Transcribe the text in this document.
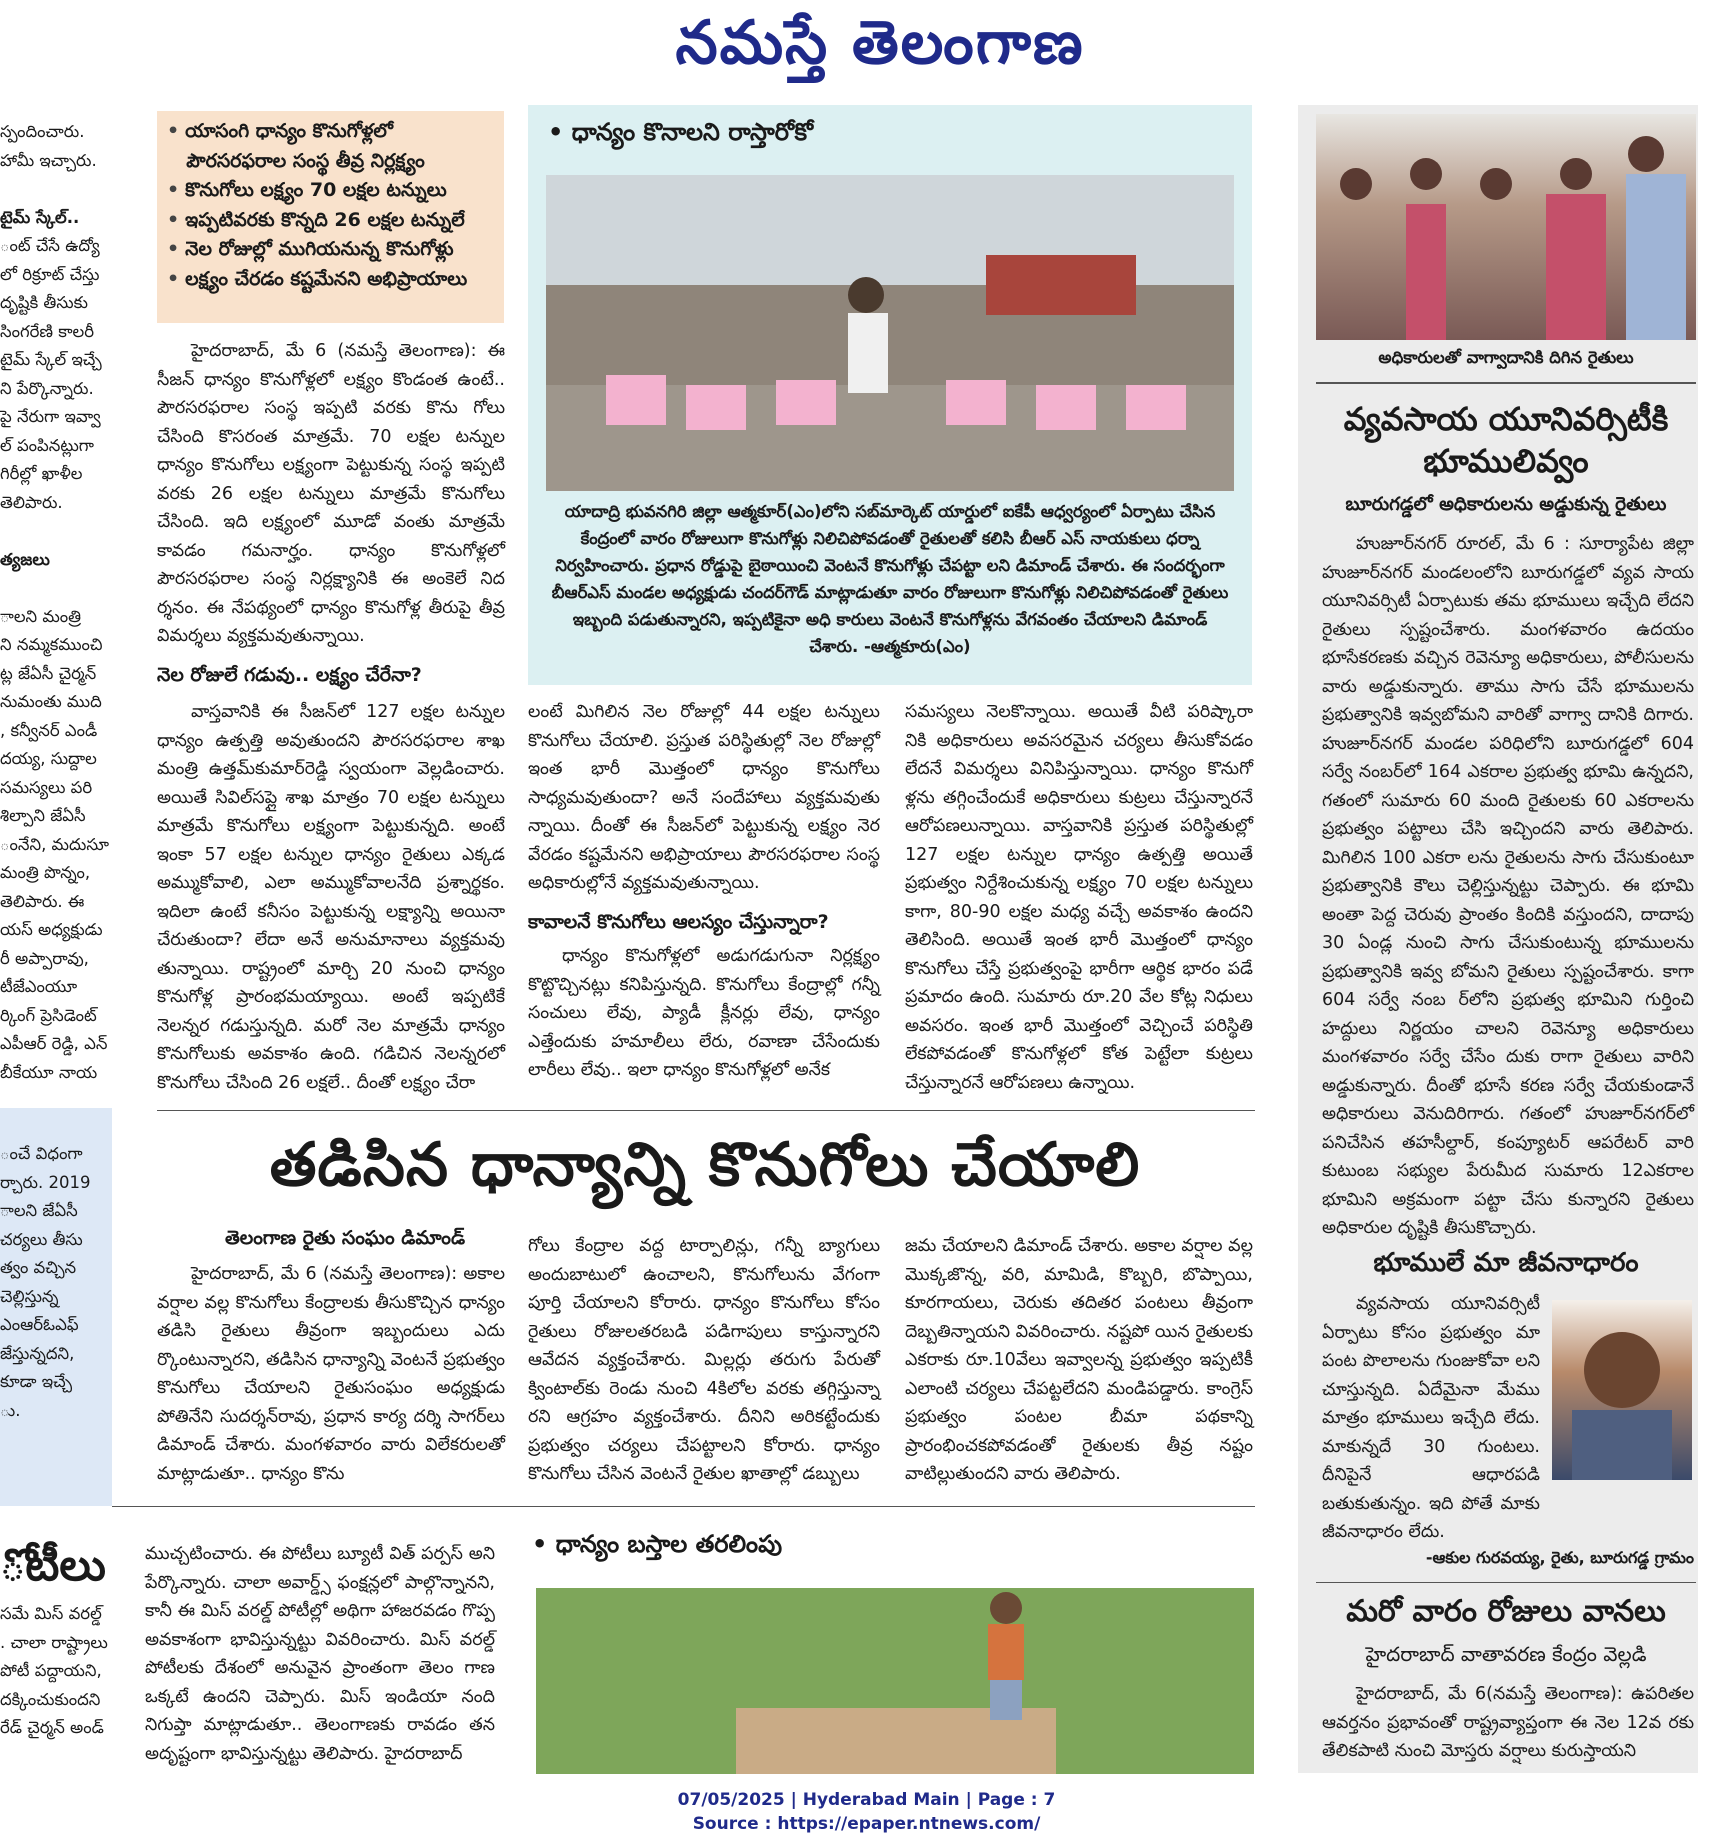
నమస్తే తెలంగాణ
స్పందించారు.
హామీ ఇచ్చారు.

టైమ్ స్కేల్..
ంట్ చేసే ఉద్యో
లో రిక్రూట్ చేస్తు
దృష్టికి తీసుకు
సింగరేణి కాలరీ
టైమ్ స్కేల్ ఇచ్చే
ని పేర్కొన్నారు.
పై నేరుగా ఇవ్వా
ల్ పంపినట్లుగా
గిరీల్లో ఖాళీల
తెలిపారు.

త్యజలు

ాలని మంత్రి
ని నమ్మకముంచి
ట్ల జేఏసీ చైర్మన్
నుమంతు ముది
, కన్వీనర్ ఎండీ
దయ్య, సుద్దాల
సమస్యలు పరి
శిల్పాని జేఏసీ
ంనేని, మదుసూ
మంత్రి పొన్నం,
తెలిపారు. ఈ
యస్ అధ్యక్షుడు
రీ అప్పారావు,
టీజేఎంయూ
ర్కింగ్ ప్రెసిడెంట్
ఎపీఆర్ రెడ్డి, ఎన్
బీకేయూ నాయ
ంచే విధంగా
ర్చారు. 2019
ాలని జేఏసీ
చర్యలు తీసు
త్వం వచ్చిన
చెల్లిస్తున్న
ఎంఆర్ఓఎఫ్
జేస్తున్నదని,
కూడా ఇచ్చే
ు.
ోటీలు
సమే మిస్ వరల్డ్
. చాలా రాష్ట్రాలు
పోటీ పద్దాయని,
దక్కించుకుందని
రేడ్ చైర్మన్ అండ్
• యాసంగి ధాన్యం కొనుగోళ్లలో
పౌరసరఫరాల సంస్థ తీవ్ర నిర్లక్ష్యం
• కొనుగోలు లక్ష్యం 70 లక్షల టన్నులు
• ఇప్పటివరకు కొన్నది 26 లక్షల టన్నులే
• నెల రోజుల్లో ముగియనున్న కొనుగోళ్లు
• లక్ష్యం చేరడం కష్టమేనని అభిప్రాయాలు

హైదరాబాద్, మే 6 (నమస్తే తెలంగాణ): ఈ సీజన్ ధాన్యం కొనుగోళ్లలో లక్ష్యం కొండంత ఉంటే.. పౌరసరఫరాల సంస్థ ఇప్పటి వరకు కొను గోలు చేసింది కొసరంత మాత్రమే. 70 లక్షల టన్నుల ధాన్యం కొనుగోలు లక్ష్యంగా పెట్టుకున్న సంస్థ ఇప్పటి వరకు 26 లక్షల టన్నులు మాత్రమే కొనుగోలు చేసింది. ఇది లక్ష్యంలో మూడో వంతు మాత్రమే కావడం గమనార్హం. ధాన్యం కొనుగోళ్లలో పౌరసరఫరాల సంస్థ నిర్లక్ష్యానికి ఈ అంకెలే నిద ర్శనం. ఈ నేపథ్యంలో ధాన్యం కొనుగోళ్ల తీరుపై తీవ్ర విమర్శలు వ్యక్తమవుతున్నాయి.

నెల రోజులే గడువు.. లక్ష్యం చేరేనా?

వాస్తవానికి ఈ సీజన్‌లో 127 లక్షల టన్నుల ధాన్యం ఉత్పత్తి అవుతుందని పౌరసరఫరాల శాఖ మంత్రి ఉత్తమ్‌కుమార్‌రెడ్డి స్వయంగా వెల్లడించారు. అయితే సివిల్‌సప్లై శాఖ మాత్రం 70 లక్షల టన్నులు మాత్రమే కొనుగోలు లక్ష్యంగా పెట్టుకున్నది. అంటే ఇంకా 57 లక్షల టన్నుల ధాన్యం రైతులు ఎక్కడ అమ్ముకోవాలి, ఎలా అమ్ముకోవాలనేది ప్రశ్నార్థకం. ఇదిలా ఉంటే కనీసం పెట్టుకున్న లక్ష్యాన్ని అయినా చేరుతుందా? లేదా అనే అనుమానాలు వ్యక్తమవు తున్నాయి. రాష్ట్రంలో మార్చి 20 నుంచి ధాన్యం కొనుగోళ్ల ప్రారంభమయ్యాయి. అంటే ఇప్పటికే నెలన్నర గడుస్తున్నది. మరో నెల మాత్రమే ధాన్యం కొనుగోలుకు అవకాశం ఉంది. గడిచిన నెలన్నరలో కొనుగోలు చేసింది 26 లక్షలే.. దీంతో లక్ష్యం చేరా

లంటే మిగిలిన నెల రోజుల్లో 44 లక్షల టన్నులు కొనుగోలు చేయాలి. ప్రస్తుత పరిస్థితుల్లో నెల రోజుల్లో ఇంత భారీ మొత్తంలో ధాన్యం కొనుగోలు సాధ్యమవుతుందా? అనే సందేహాలు వ్యక్తమవుతు న్నాయి. దీంతో ఈ సీజన్‌లో పెట్టుకున్న లక్ష్యం నెర వేరడం కష్టమేనని అభిప్రాయాలు పౌరసరఫరాల సంస్థ అధికారుల్లోనే వ్యక్తమవుతున్నాయి.

కావాలనే కొనుగోలు ఆలస్యం చేస్తున్నారా?

ధాన్యం కొనుగోళ్లలో అడుగడుగునా నిర్లక్ష్యం కొట్టొచ్చినట్లు కనిపిస్తున్నది. కొనుగోలు కేంద్రాల్లో గన్నీ సంచులు లేవు, ప్యాడీ క్లీనర్లు లేవు, ధాన్యం ఎత్తేందుకు హమాలీలు లేరు, రవాణా చేసేందుకు లారీలు లేవు.. ఇలా ధాన్యం కొనుగోళ్లలో అనేక

సమస్యలు నెలకొన్నాయి. అయితే వీటి పరిష్కారా నికి అధికారులు అవసరమైన చర్యలు తీసుకోవడం లేదనే విమర్శలు వినిపిస్తున్నాయి. ధాన్యం కొనుగో ళ్లను తగ్గించేందుకే అధికారులు కుట్రలు చేస్తున్నారనే ఆరోపణలున్నాయి. వాస్తవానికి ప్రస్తుత పరిస్థితుల్లో 127 లక్షల టన్నుల ధాన్యం ఉత్పత్తి అయితే ప్రభుత్వం నిర్దేశించుకున్న లక్ష్యం 70 లక్షల టన్నులు కాగా, 80-90 లక్షల మధ్య వచ్చే అవకాశం ఉందని తెలిసింది. అయితే ఇంత భారీ మొత్తంలో ధాన్యం కొనుగోలు చేస్తే ప్రభుత్వంపై భారీగా ఆర్థిక భారం పడే ప్రమాదం ఉంది. సుమారు రూ.20 వేల కోట్ల నిధులు అవసరం. ఇంత భారీ మొత్తంలో వెచ్చించే పరిస్థితి లేకపోవడంతో కొనుగోళ్లలో కోత పెట్టేలా కుట్రలు చేస్తున్నారనే ఆరోపణలు ఉన్నాయి.

• ధాన్యం కొనాలని రాస్తారోకో
యాదాద్రి భువనగిరి జిల్లా ఆత్మకూర్(ఎం)లోని సబ్‌మార్కెట్ యార్డులో ఐకేపీ ఆధ్వర్యంలో ఏర్పాటు చేసిన కేంద్రంలో వారం రోజులుగా కొనుగోళ్లు నిలిచిపోవడంతో రైతులతో కలిసి బీఆర్ ఎస్ నాయకులు ధర్నా నిర్వహించారు. ప్రధాన రోడ్డుపై బైఠాయించి వెంటనే కొనుగోళ్లు చేపట్టా లని డిమాండ్ చేశారు. ఈ సందర్భంగా బీఆర్ఎస్ మండల అధ్యక్షుడు చందర్‌గౌడ్ మాట్లాడుతూ వారం రోజులుగా కొనుగోళ్లు నిలిచిపోవడంతో రైతులు ఇబ్బంది పడుతున్నారని, ఇప్పటికైనా అధి కారులు వెంటనే కొనుగోళ్లను వేగవంతం చేయాలని డిమాండ్ చేశారు. -ఆత్మకూరు(ఎం)
తడిసిన ధాన్యాన్ని కొనుగోలు చేయాలి
తెలంగాణ రైతు సంఘం డిమాండ్

హైదరాబాద్, మే 6 (నమస్తే తెలంగాణ): అకాల వర్షాల వల్ల కొనుగోలు కేంద్రాలకు తీసుకొచ్చిన ధాన్యం తడిసి రైతులు తీవ్రంగా ఇబ్బందులు ఎదు ర్కొంటున్నారని, తడిసిన ధాన్యాన్ని వెంటనే ప్రభుత్వం కొనుగోలు చేయాలని రైతుసంఘం అధ్యక్షుడు పోతినేని సుదర్శన్‌రావు, ప్రధాన కార్య దర్శి సాగర్‌లు డిమాండ్ చేశారు. మంగళవారం వారు విలేకరులతో మాట్లాడుతూ.. ధాన్యం కొను

గోలు కేంద్రాల వద్ద టార్పాలిన్లు, గన్నీ బ్యాగులు అందుబాటులో ఉంచాలని, కొనుగోలును వేగంగా పూర్తి చేయాలని కోరారు. ధాన్యం కొనుగోలు కోసం రైతులు రోజులతరబడి పడిగాపులు కాస్తున్నారని ఆవేదన వ్యక్తంచేశారు. మిల్లర్లు తరుగు పేరుతో క్వింటాల్‌కు రెండు నుంచి 4కిలోల వరకు తగ్గిస్తున్నా రని ఆగ్రహం వ్యక్తంచేశారు. దీనిని అరికట్టేందుకు ప్రభుత్వం చర్యలు చేపట్టాలని కోరారు. ధాన్యం కొనుగోలు చేసిన వెంటనే రైతుల ఖాతాల్లో డబ్బులు

జమ చేయాలని డిమాండ్ చేశారు. అకాల వర్షాల వల్ల మొక్కజొన్న, వరి, మామిడి, కొబ్బరి, బొప్పాయి, కూరగాయలు, చెరుకు తదితర పంటలు తీవ్రంగా దెబ్బతిన్నాయని వివరించారు. నష్టపో యిన రైతులకు ఎకరాకు రూ.10వేలు ఇవ్వాలన్న ప్రభుత్వం ఇప్పటికీ ఎలాంటి చర్యలు చేపట్టలేదని మండిపడ్డారు. కాంగ్రెస్ ప్రభుత్వం పంటల బీమా పథకాన్ని ప్రారంభించకపోవడంతో రైతులకు తీవ్ర నష్టం వాటిల్లుతుందని వారు తెలిపారు.

ముచ్చటించారు. ఈ పోటీలు బ్యూటీ విత్ పర్పస్ అని పేర్కొన్నారు. చాలా అవార్డ్స్ ఫంక్షన్లలో పాల్గొన్నానని, కానీ ఈ మిస్ వరల్డ్ పోటీల్లో అథిగా హాజరవడం గొప్ప అవకాశంగా భావిస్తున్నట్టు వివరించారు. మిస్ వరల్డ్ పోటీలకు దేశంలో అనువైన ప్రాంతంగా తెలం గాణ ఒక్కటే ఉందని చెప్పారు. మిస్ ఇండియా నంది నిగుప్తా మాట్లాడుతూ.. తెలంగాణకు రావడం తన అదృష్టంగా భావిస్తున్నట్టు తెలిపారు. హైదరాబాద్

• ధాన్యం బస్తాల తరలింపు
అధికారులతో వాగ్వాదానికి దిగిన రైతులు
వ్యవసాయ యూనివర్సిటీకి భూములివ్వం
బూరుగడ్డలో అధికారులను అడ్డుకున్న రైతులు

హుజూర్‌నగర్ రూరల్, మే 6 : సూర్యాపేట జిల్లా హుజూర్‌నగర్ మండలంలోని బూరుగడ్డలో వ్యవ సాయ యూనివర్సిటీ ఏర్పాటుకు తమ భూములు ఇచ్చేది లేదని రైతులు స్పష్టంచేశారు. మంగళవారం ఉదయం భూసేకరణకు వచ్చిన రెవెన్యూ అధికారులు, పోలీసులను వారు అడ్డుకున్నారు. తాము సాగు చేసే భూములను ప్రభుత్వానికి ఇవ్వబోమని వారితో వాగ్వా దానికి దిగారు. హుజూర్‌నగర్ మండల పరిధిలోని బూరుగడ్డలో 604 సర్వే నంబర్‌లో 164 ఎకరాల ప్రభుత్వ భూమి ఉన్నదని, గతంలో సుమారు 60 మంది రైతులకు 60 ఎకరాలను ప్రభుత్వం పట్టాలు చేసి ఇచ్చిందని వారు తెలిపారు. మిగిలిన 100 ఎకరా లను రైతులను సాగు చేసుకుంటూ ప్రభుత్వానికి కౌలు చెల్లిస్తున్నట్టు చెప్పారు. ఈ భూమి అంతా పెద్ద చెరువు ప్రాంతం కిందికి వస్తుందని, దాదాపు 30 ఏండ్ల నుంచి సాగు చేసుకుంటున్న భూములను ప్రభుత్వానికి ఇవ్వ బోమని రైతులు స్పష్టంచేశారు. కాగా 604 సర్వే నంబ ర్‌లోని ప్రభుత్వ భూమిని గుర్తించి హద్దులు నిర్ణయం చాలని రెవెన్యూ అధికారులు మంగళవారం సర్వే చేసేం దుకు రాగా రైతులు వారిని అడ్డుకున్నారు. దీంతో భూసే కరణ సర్వే చేయకుండానే అధికారులు వెనుదిరిగారు. గతంలో హుజూర్‌నగర్‌లో పనిచేసిన తహసీల్దార్, కంప్యూటర్ ఆపరేటర్ వారి కుటుంబ సభ్యుల పేరుమీద సుమారు 12ఎకరాల భూమిని అక్రమంగా పట్టా చేసు కున్నారని రైతులు అధికారుల దృష్టికి తీసుకొచ్చారు.

భూములే మా జీవనాధారం

వ్యవసాయ యూనివర్సిటీ ఏర్పాటు కోసం ప్రభుత్వం మా పంట పొలాలను గుంజుకోవా లని చూస్తున్నది. ఏదేమైనా మేము మాత్రం భూములు ఇచ్చేది లేదు. మాకున్నదే 30 గుంటలు. దీనిపైనే ఆధారపడి బతుకుతున్నం. ఇది పోతే మాకు జీవనాధారం లేదు.

-ఆకుల గురవయ్య, రైతు, బూరుగడ్డ గ్రామం
మరో వారం రోజులు వానలు
హైదరాబాద్ వాతావరణ కేంద్రం వెల్లడి

హైదరాబాద్, మే 6(నమస్తే తెలంగాణ): ఉపరితల ఆవర్తనం ప్రభావంతో రాష్ట్రవ్యాప్తంగా ఈ నెల 12వ రకు తేలికపాటి నుంచి మోస్తరు వర్షాలు కురుస్తాయని

07/05/2025 | Hyderabad Main | Page : 7
Source : https://epaper.ntnews.com/
